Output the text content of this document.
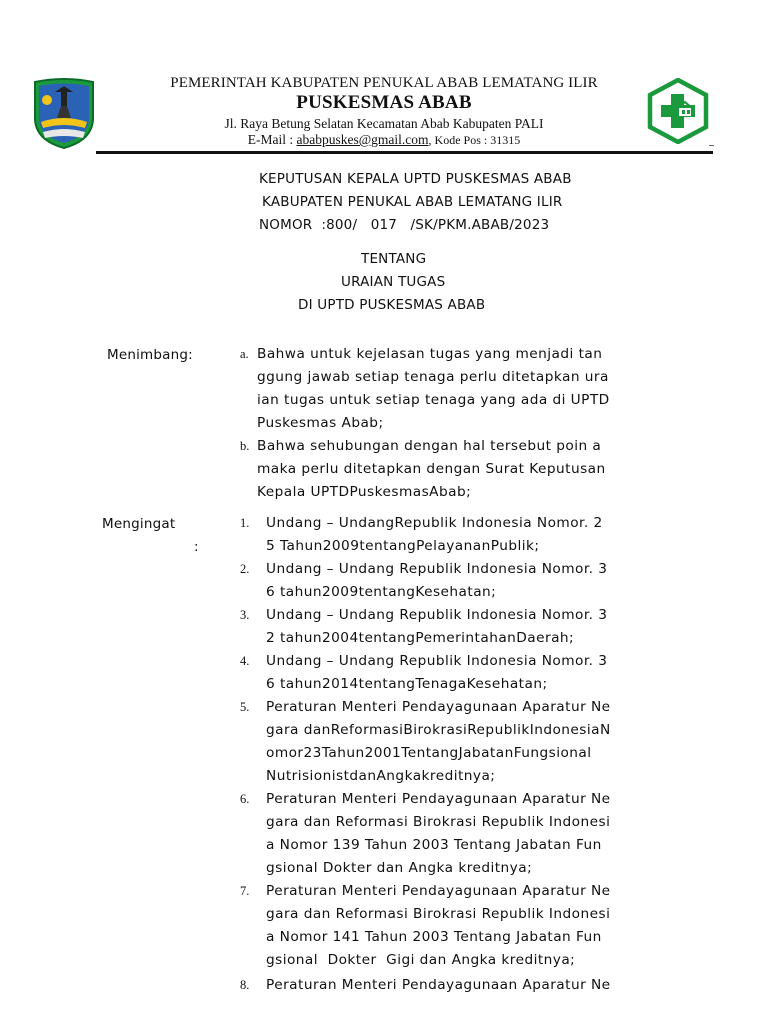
PEMERINTAH KABUPATEN PENUKAL ABAB LEMATANG ILIR
PUSKESMAS ABAB
Jl. Raya Betung Selatan Kecamatan Abab Kabupaten PALI
E-Mail : ababpuskes@gmail.com, Kode Pos : 31315
KEPUTUSAN KEPALA UPTD PUSKESMAS ABAB
KABUPATEN PENUKAL ABAB LEMATANG ILIR
NOMOR  :800/   017   /SK/PKM.ABAB/2023
TENTANG
URAIAN TUGAS
DI UPTD PUSKESMAS ABAB
Menimbang:	a. Bahwa untuk kejelasan tugas yang menjadi tan
ggung jawab setiap tenaga perlu ditetapkan ura
ian tugas untuk setiap tenaga yang ada di UPTD
Puskesmas Abab;
b. Bahwa sehubungan dengan hal tersebut poin a
maka perlu ditetapkan dengan Surat Keputusan
Kepala UPTDPuskesmasAbab;
Mengingat
:
1. Undang – UndangRepublik Indonesia Nomor. 2
5 Tahun2009tentangPelayananPublik;
2. Undang – Undang Republik Indonesia Nomor. 3
6 tahun2009tentangKesehatan;
3. Undang – Undang Republik Indonesia Nomor. 3
2 tahun2004tentangPemerintahanDaerah;
4. Undang – Undang Republik Indonesia Nomor. 3
6 tahun2014tentangTenagaKesehatan;
5. Peraturan Menteri Pendayagunaan Aparatur Ne
gara danReformasiBirokrasiRepublikIndonesiaN
omor23Tahun2001TentangJabatanFungsional
NutrisionistdanAngkakreditnya;
6. Peraturan Menteri Pendayagunaan Aparatur Ne
gara dan Reformasi Birokrasi Republik Indonesi
a Nomor 139 Tahun 2003 Tentang Jabatan Fun
gsional Dokter dan Angka kreditnya;
7. Peraturan Menteri Pendayagunaan Aparatur Ne
gara dan Reformasi Birokrasi Republik Indonesi
a Nomor 141 Tahun 2003 Tentang Jabatan Fun
gsional  Dokter  Gigi dan Angka kreditnya;
8. Peraturan Menteri Pendayagunaan Aparatur Ne
